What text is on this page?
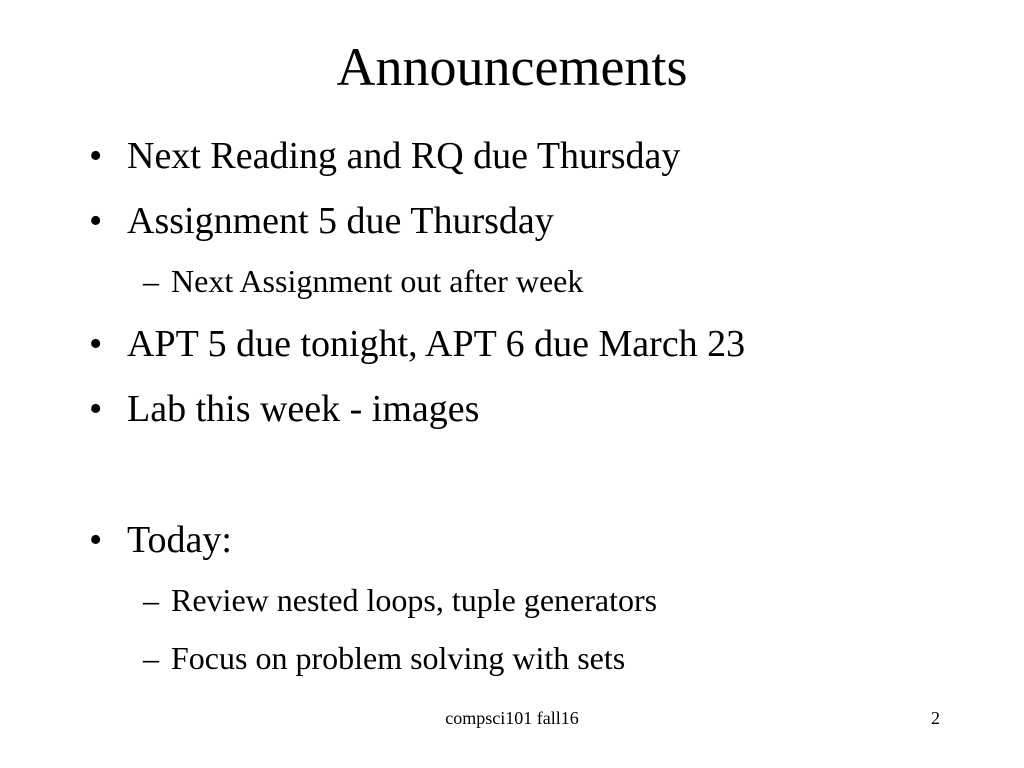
Announcements
• Next Reading and RQ due Thursday
• Assignment 5 due Thursday
– Next Assignment out after week
• APT 5 due tonight, APT 6 due March 23
• Lab this week - images
• Today:
– Review nested loops, tuple generators
– Focus on problem solving with sets
compsci101 fall16	2
